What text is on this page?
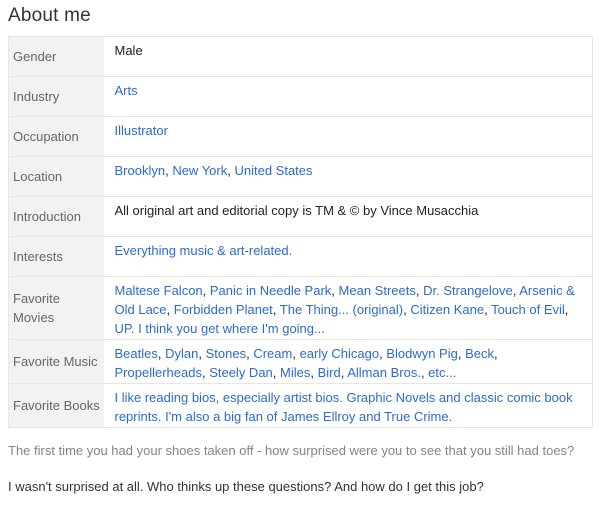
About me
Gender	Male
Industry	Arts
Occupation	Illustrator
Location	Brooklyn, New York, United States
Introduction	All original art and editorial copy is TM & © by Vince Musacchia
Interests	Everything music & art-related.
Favorite Movies	Maltese Falcon, Panic in Needle Park, Mean Streets, Dr. Strangelove, Arsenic & Old Lace, Forbidden Planet, The Thing... (original), Citizen Kane, Touch of Evil, UP. I think you get where I'm going...
Favorite Music	Beatles, Dylan, Stones, Cream, early Chicago, Blodwyn Pig, Beck, Propellerheads, Steely Dan, Miles, Bird, Allman Bros., etc...
Favorite Books	I like reading bios, especially artist bios. Graphic Novels and classic comic book reprints. I'm also a big fan of James Ellroy and True Crime.

The first time you had your shoes taken off - how surprised were you to see that you still had toes?

I wasn't surprised at all. Who thinks up these questions? And how do I get this job?
